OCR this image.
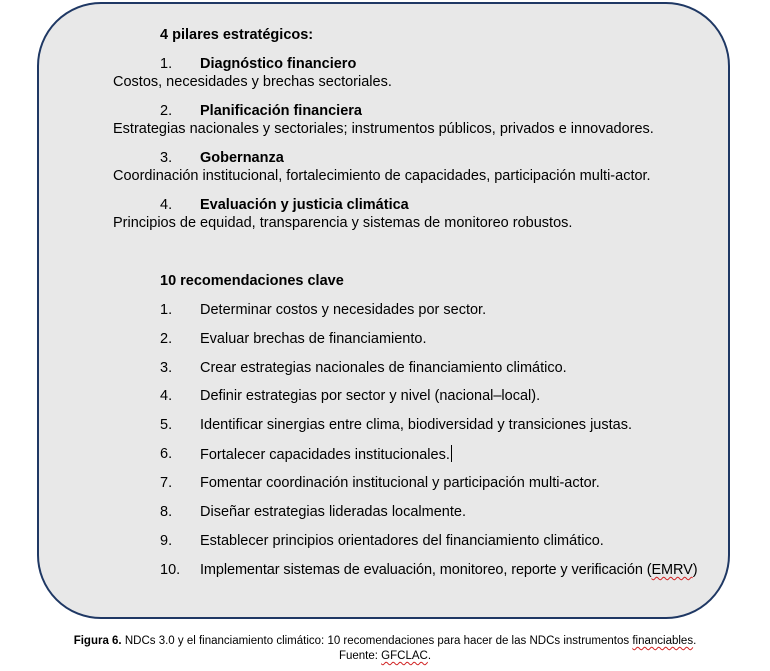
4 pilares estratégicos:
1. Diagnóstico financiero
Costos, necesidades y brechas sectoriales.
2. Planificación financiera
Estrategias nacionales y sectoriales; instrumentos públicos, privados e innovadores.
3. Gobernanza
Coordinación institucional, fortalecimiento de capacidades, participación multi-actor.
4. Evaluación y justicia climática
Principios de equidad, transparencia y sistemas de monitoreo robustos.
10 recomendaciones clave
1. Determinar costos y necesidades por sector.
2. Evaluar brechas de financiamiento.
3. Crear estrategias nacionales de financiamiento climático.
4. Definir estrategias por sector y nivel (nacional–local).
5. Identificar sinergias entre clima, biodiversidad y transiciones justas.
6. Fortalecer capacidades institucionales.
7. Fomentar coordinación institucional y participación multi-actor.
8. Diseñar estrategias lideradas localmente.
9. Establecer principios orientadores del financiamiento climático.
10. Implementar sistemas de evaluación, monitoreo, reporte y verificación (EMRV)
Figura 6. NDCs 3.0 y el financiamiento climático: 10 recomendaciones para hacer de las NDCs instrumentos financiables.
Fuente: GFCLAC.
